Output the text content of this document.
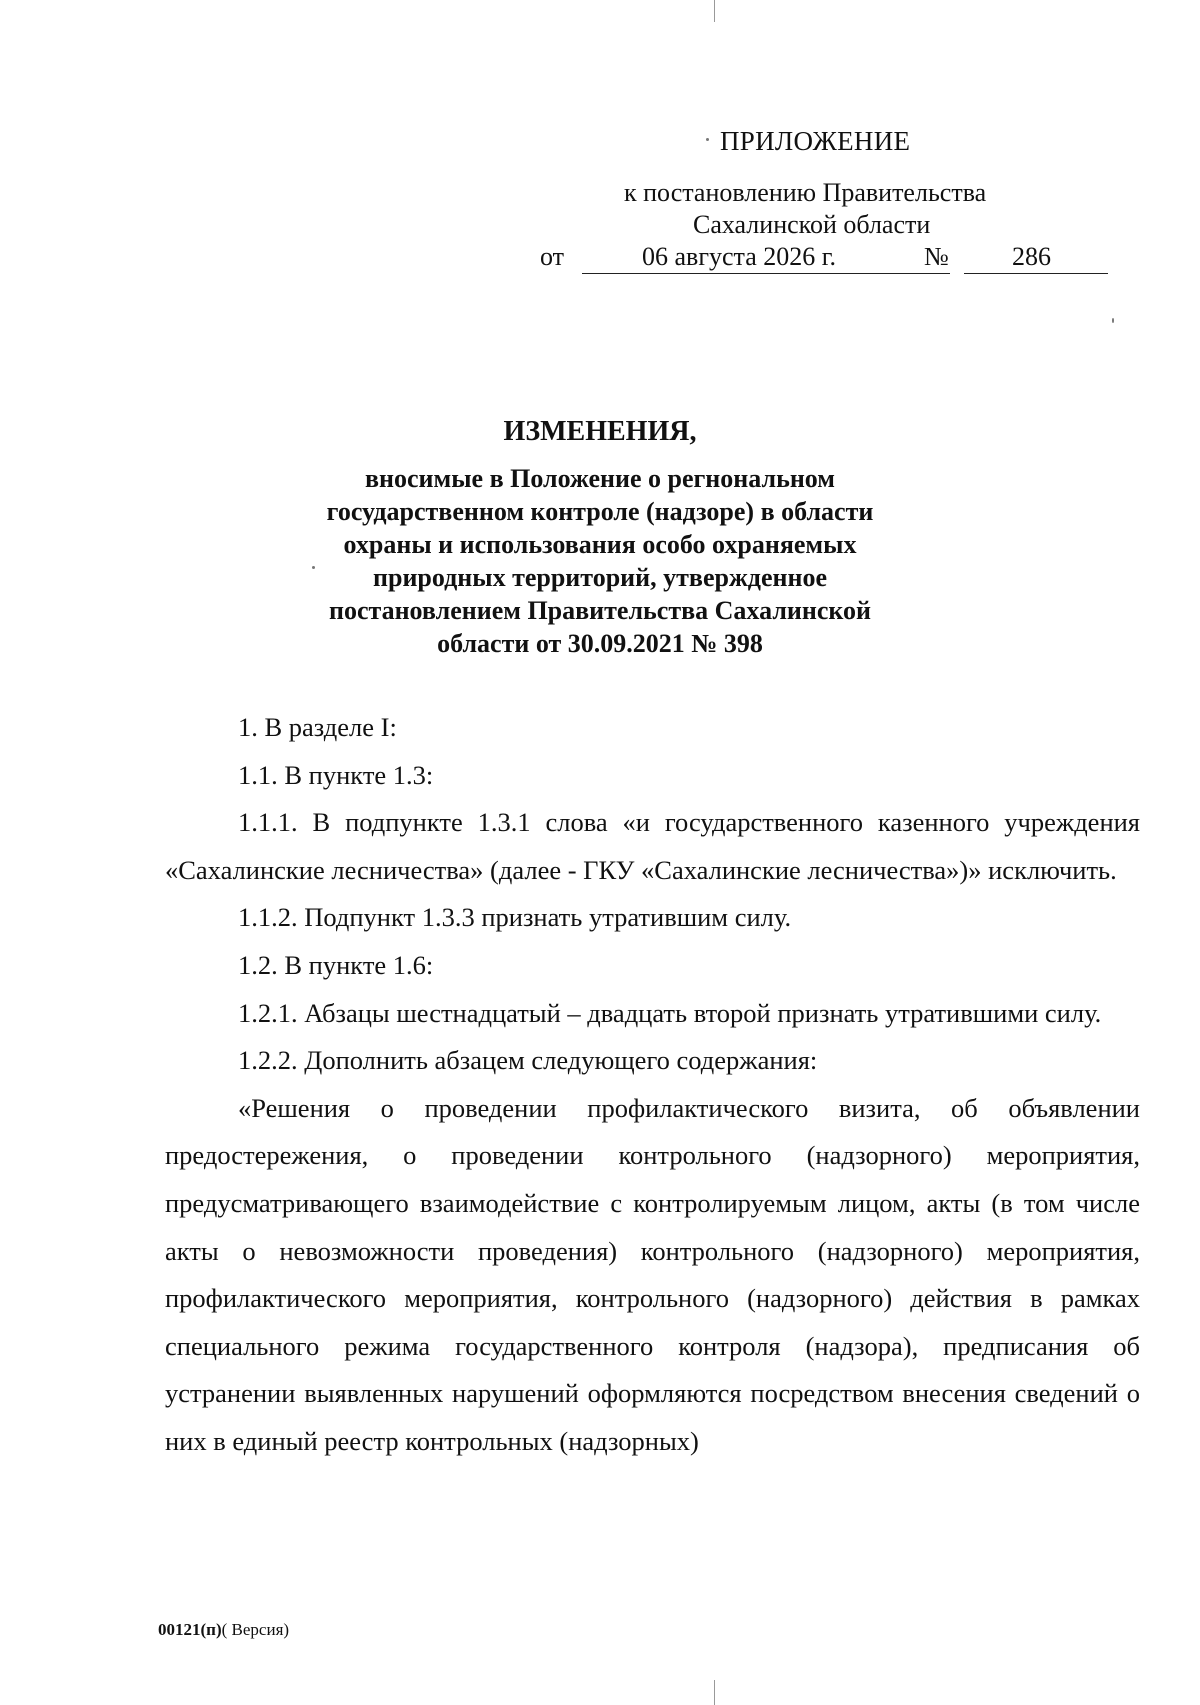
ПРИЛОЖЕНИЕ
к постановлению Правительства
Сахалинской области
от	06 августа 2026 г.	№ 286
ИЗМЕНЕНИЯ,
вносимые в Положение о регнональном государственном контроле (надзоре) в области охраны и использования особо охраняемых природных территорий, утвержденное постановлением Правительства Сахалинской области от 30.09.2021 № 398

1. В разделе I:

1.1. В пункте 1.3:

1.1.1. В подпункте 1.3.1 слова «и государственного казенного учреждения «Сахалинские лесничества» (далее - ГКУ «Сахалинские лесничества»)» исключить.

1.1.2. Подпункт 1.3.3 признать утратившим силу.

1.2. В пункте 1.6:

1.2.1. Абзацы шестнадцатый – двадцать второй признать утратившими силу.

1.2.2. Дополнить абзацем следующего содержания:

«Решения о проведении профилактического визита, об объявлении предостережения, о проведении контрольного (надзорного) мероприятия, предусматривающего взаимодействие с контролируемым лицом, акты (в том числе акты о невозможности проведения) контрольного (надзорного) мероприятия, профилактического мероприятия, контрольного (надзорного) действия в рамках специального режима государственного контроля (надзора), предписания об устранении выявленных нарушений оформляются посредством внесения сведений о них в единый реестр контрольных (надзорных)

00121(п)( Версия)
